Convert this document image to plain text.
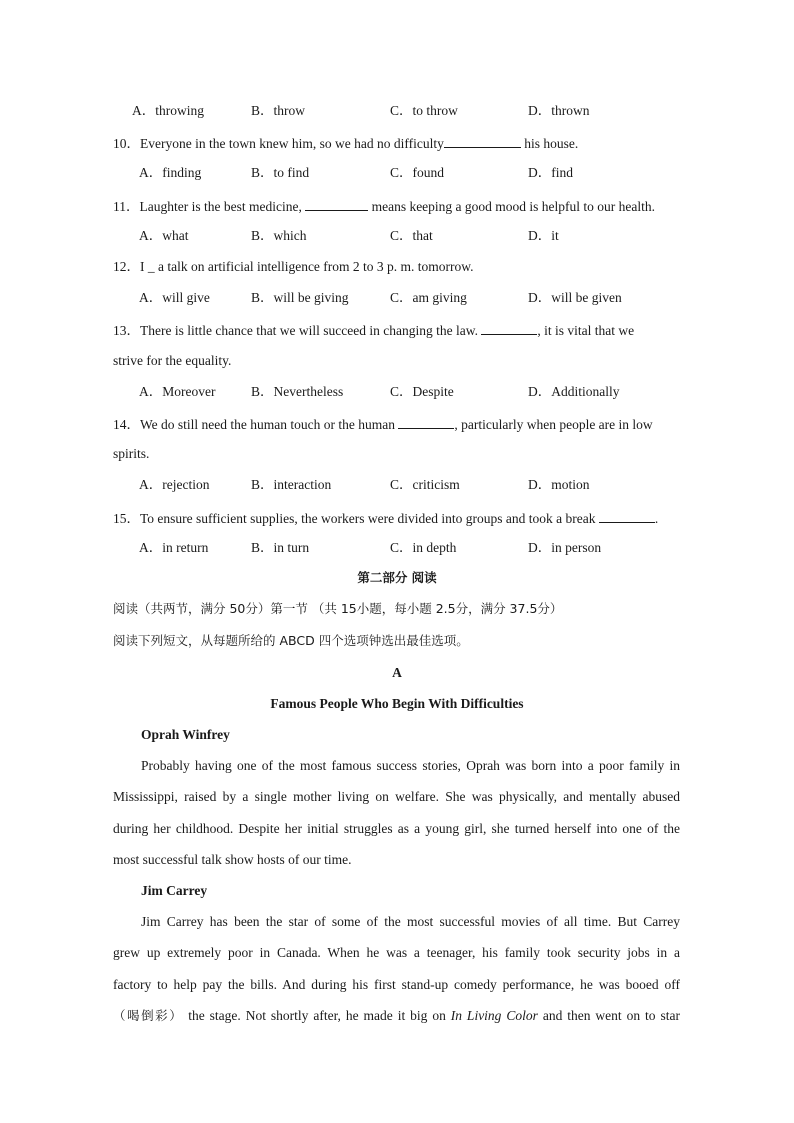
A．throwing	B．throw	C．to throw	D．thrown
10．Everyone in the town knew him, so we had no difficulty	his house.
A．finding	B．to find	C．found	D．find
11．Laughter is the best medicine,	means keeping a good mood is helpful to our health.
A．what	B．which	C．that	D．it
12．I _ a talk on artificial intelligence from 2 to 3 p. m. tomorrow.
A．will give	B．will be giving	C．am giving	D．will be given
13．There is little chance that we will succeed in changing the law.	, it is vital that we
strive for the equality.
A．Moreover	B．Nevertheless	C．Despite	D．Additionally
14．We do still need the human touch or the human	, particularly when people are in low
spirits.
A．rejection	B．interaction	C．criticism	D．motion
15．To ensure sufficient supplies, the workers were divided into groups and took a break	.
A．in return	B．in turn	C．in depth	D．in person
第二部分 阅读
阅读（共两节，满分 50分）第一节 （共 15小题，每小题 2.5分，满分 37.5分）
阅读下列短文，从每题所给的 ABCD 四个选项钟选出最佳选项。
A
Famous People Who Begin With Difficulties
Oprah Winfrey
Probably having one of the most famous success stories, Oprah was born into a poor family in
Mississippi, raised by a single mother living on welfare. She was physically, and mentally abused
during her childhood. Despite her initial struggles as a young girl, she turned herself into one of the
most successful talk show hosts of our time.
Jim Carrey
Jim Carrey has been the star of some of the most successful movies of all time. But Carrey
grew up extremely poor in Canada. When he was a teenager, his family took security jobs in a
factory to help pay the bills. And during his first stand-up comedy performance, he was booed off
（喝倒彩） the stage. Not shortly after, he made it big on In Living Color and then went on to star
